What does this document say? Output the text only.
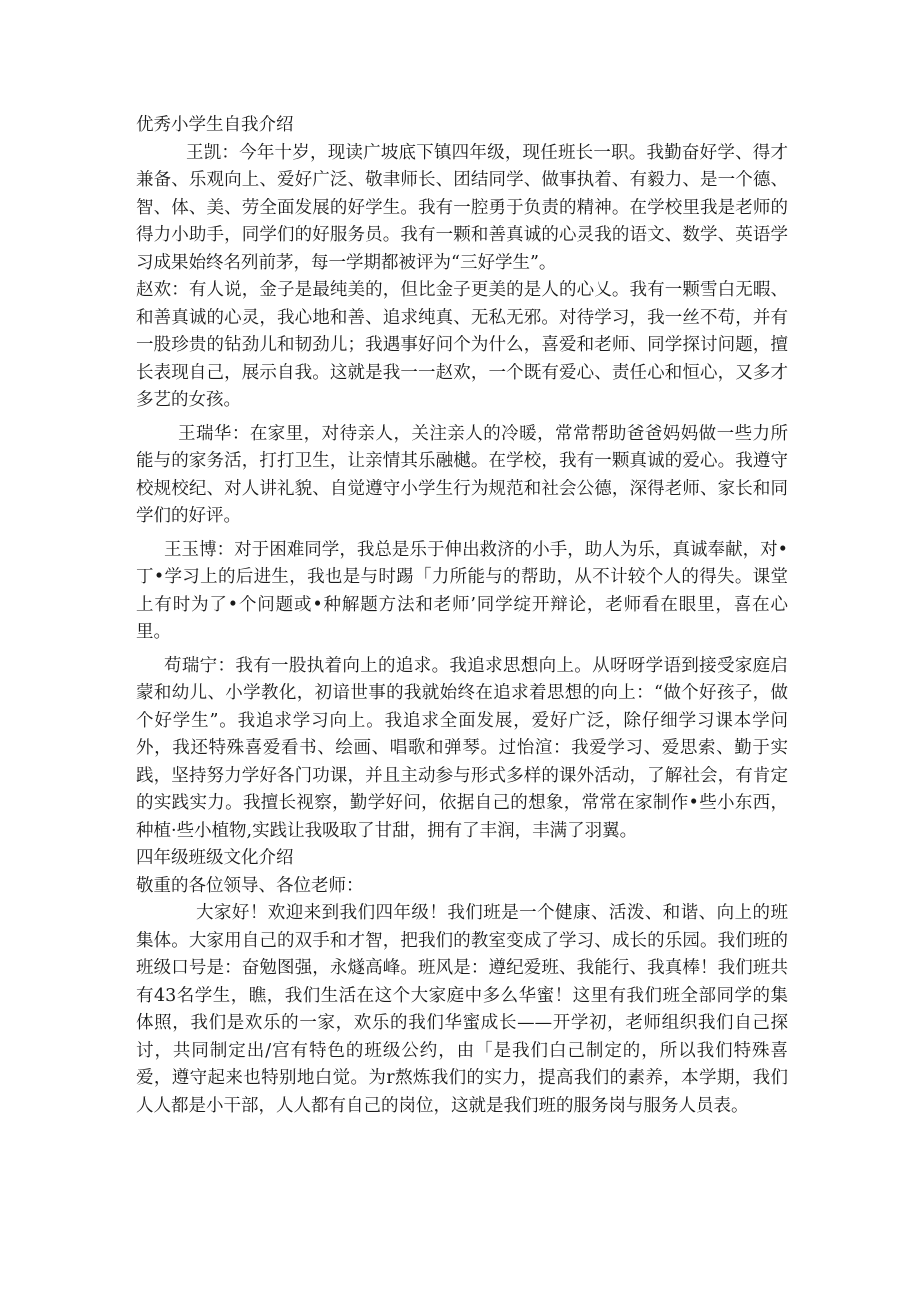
优秀小学生自我介绍

王凯：今年十岁，现读广坡底下镇四年级，现任班长一职。我勤奋好学、得才兼备、乐观向上、爱好广泛、敬聿师长、团结同学、做事执着、有毅力、是一个德、智、体、美、劳全面发展的好学生。我有一腔勇于负责的精神。在学校里我是老师的得力小助手，同学们的好服务员。我有一颗和善真诚的心灵我的语文、数学、英语学习成果始终名列前茅，每一学期都被评为“三好学生”。

赵欢：有人说，金子是最纯美的，但比金子更美的是人的心乂。我有一颗雪白无暇、和善真诚的心灵，我心地和善、追求纯真、无私无邪。对待学习，我一丝不苟，并有一股珍贵的钻劲儿和韧劲儿；我遇事好问个为什么，喜爱和老师、同学探讨问题，擅长表现自己，展示自我。这就是我一一赵欢，一个既有爱心、责任心和恒心，又多才多艺的女孩。

王瑞华：在家里，对待亲人，关注亲人的冷暖，常常帮助爸爸妈妈做一些力所能与的家务活，打打卫生，让亲情其乐融樾。在学校，我有一颗真诚的爱心。我遵守校规校纪、对人讲礼貌、自觉遵守小学生行为规范和社会公德，深得老师、家长和同学们的好评。

王玉博：对于困难同学，我总是乐于伸出救济的小手，助人为乐，真诚奉献，对•丁•学习上的后进生，我也是与时踢「力所能与的帮助，从不计较个人的得失。课堂上有时为了•个问题或•种解题方法和老师’同学绽开辩论，老师看在眼里，喜在心里。

苟瑞宁：我有一股执着向上的追求。我追求思想向上。从呀呀学语到接受家庭启蒙和幼儿、小学教化，初谙世事的我就始终在追求着思想的向上：“做个好孩子，做个好学生”。我追求学习向上。我追求全面发展，爱好广泛，除仔细学习课本学问外，我还特殊喜爱看书、绘画、唱歌和弹琴。过怡渲：我爱学习、爱思索、勤于实践，坚持努力学好各门功课，并且主动参与形式多样的课外活动，了解社会，有肯定的实践实力。我擅长视察，勤学好问，依据自己的想象，常常在家制作•些小东西，种植·些小植物,实践让我吸取了甘甜，拥有了丰润，丰满了羽翼。

四年级班级文化介绍

敬重的各位领导、各位老师：

大家好！欢迎来到我们四年级！我们班是一个健康、活泼、和谐、向上的班集体。大家用自己的双手和才智，把我们的教室变成了学习、成长的乐园。我们班的班级口号是：奋勉图强，永燧高峰。班风是：遵纪爱班、我能行、我真棒！我们班共有43名学生，瞧，我们生活在这个大家庭中多么华蜜！这里有我们班全部同学的集体照，我们是欢乐的一家，欢乐的我们华蜜成长——开学初，老师组织我们自己探讨，共同制定出/宫有特色的班级公约，由「是我们白己制定的，所以我们特殊喜爱，遵守起来也特别地白觉。为r熬炼我们的实力，提高我们的素养，本学期，我们人人都是小干部，人人都有自己的岗位，这就是我们班的服务岗与服务人员表。
